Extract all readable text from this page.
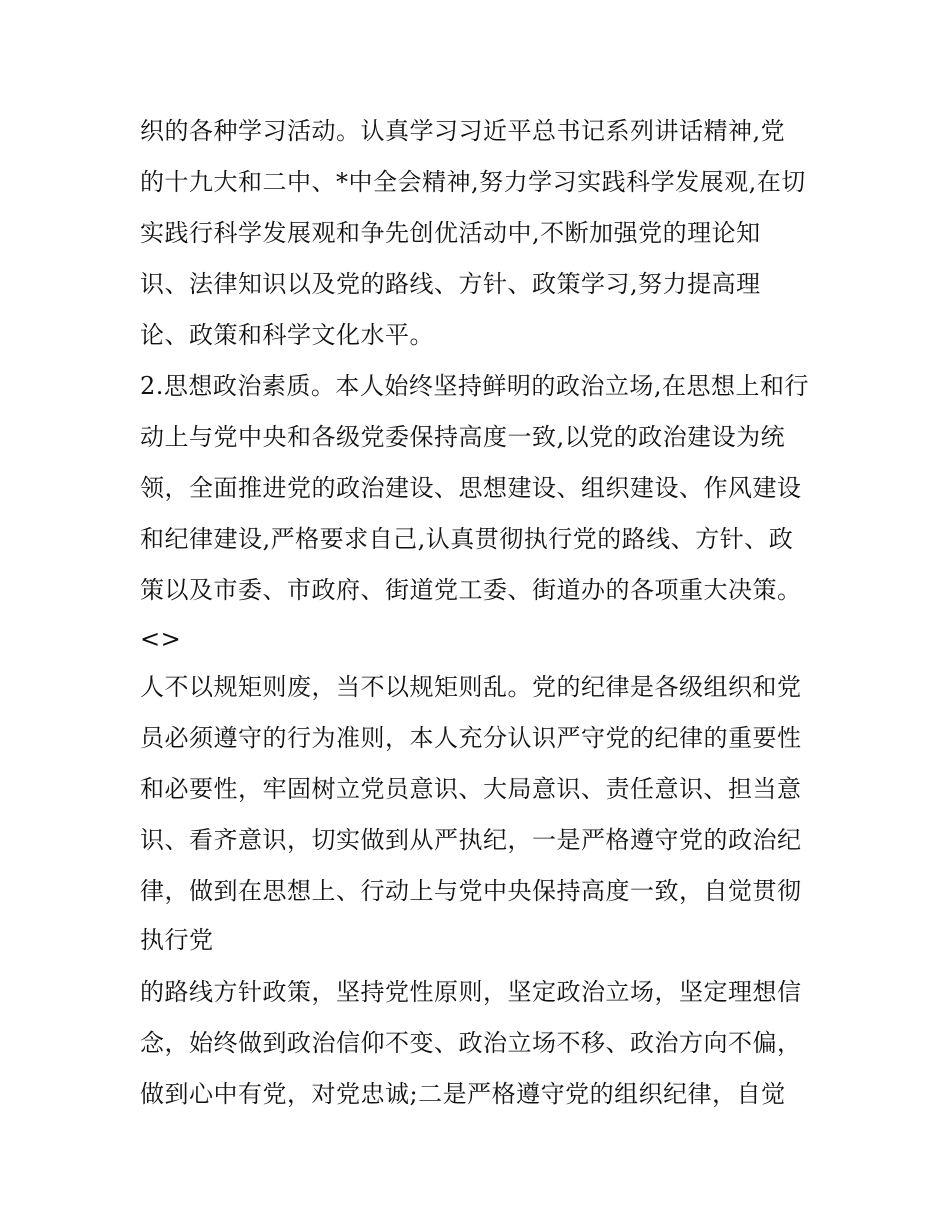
织的各种学习活动。认真学习习近平总书记系列讲话精神,党
的十九大和二中、*中全会精神,努力学习实践科学发展观,在切
实践行科学发展观和争先创优活动中,不断加强党的理论知
识、法律知识以及党的路线、方针、政策学习,努力提高理
论、政策和科学文化水平。
2.思想政治素质。本人始终坚持鲜明的政治立场,在思想上和行
动上与党中央和各级党委保持高度一致,以党的政治建设为统
领，全面推进党的政治建设、思想建设、组织建设、作风建设
和纪律建设,严格要求自己,认真贯彻执行党的路线、方针、政
策以及市委、市政府、街道党工委、街道办的各项重大决策。
<>
人不以规矩则废，当不以规矩则乱。党的纪律是各级组织和党
员必须遵守的行为准则，本人充分认识严守党的纪律的重要性
和必要性，牢固树立党员意识、大局意识、责任意识、担当意
识、看齐意识，切实做到从严执纪，一是严格遵守党的政治纪
律，做到在思想上、行动上与党中央保持高度一致，自觉贯彻
执行党
的路线方针政策，坚持党性原则，坚定政治立场，坚定理想信
念，始终做到政治信仰不变、政治立场不移、政治方向不偏，
做到心中有党，对党忠诚;二是严格遵守党的组织纪律，自觉
